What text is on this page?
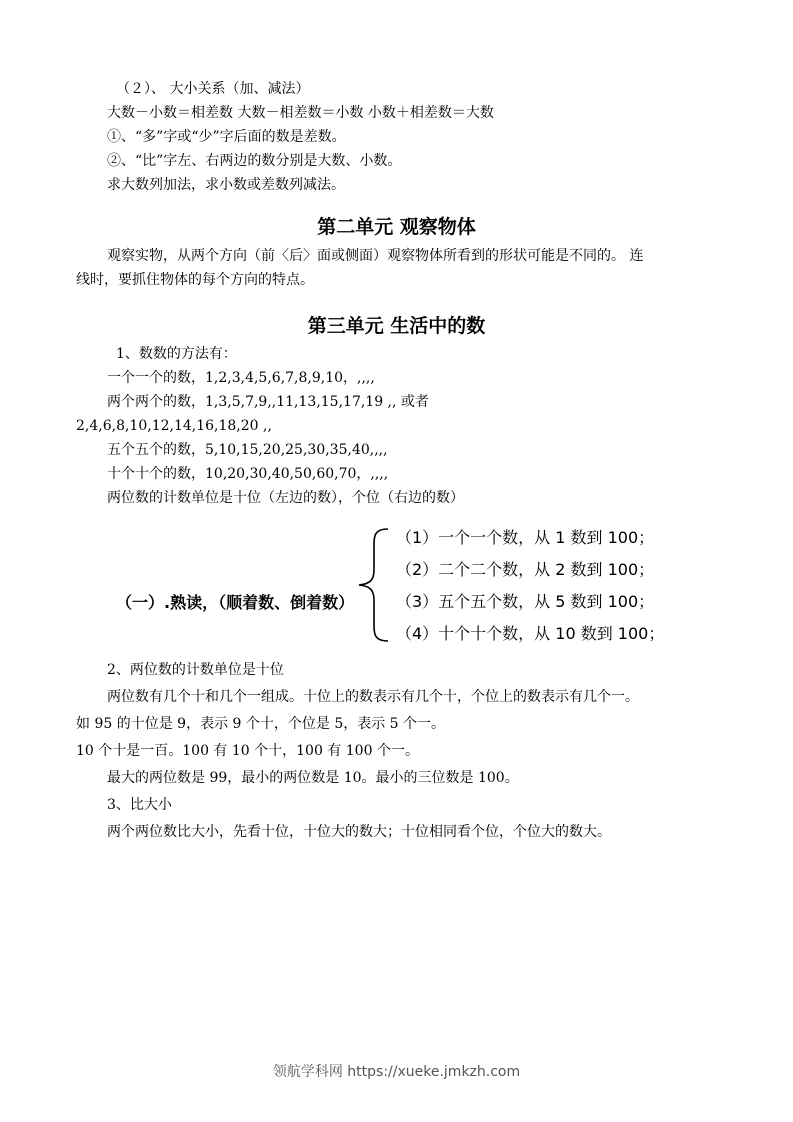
（２）、 大小关系（加、减法）
大数－小数＝相差数 大数－相差数＝小数 小数＋相差数＝大数
①、“多”字或“少”字后面的数是差数。
②、“比”字左、右两边的数分别是大数、小数。
求大数列加法，求小数或差数列减法。
第二单元 观察物体
观察实物，从两个方向（前〈后〉面或侧面）观察物体所看到的形状可能是不同的。 连
线时，要抓住物体的每个方向的特点。
第三单元 生活中的数
1、数数的方法有：
一个一个的数，1,2,3,4,5,6,7,8,9,10，,,,,
两个两个的数，1,3,5,7,9,,11,13,15,17,19 ,, 或者
2,4,6,8,10,12,14,16,18,20 ,,
五个五个的数，5,10,15,20,25,30,35,40,,,,
十个十个的数，10,20,30,40,50,60,70，,,,,
两位数的计数单位是十位（左边的数），个位（右边的数）
（一）.熟读，（顺着数、倒着数）
（1）一个一个数，从 1 数到 100；
（2）二个二个数，从 2 数到 100；
（3）五个五个数，从 5 数到 100；
（4）十个十个数，从 10 数到 100；
2、两位数的计数单位是十位
两位数有几个十和几个一组成。十位上的数表示有几个十，个位上的数表示有几个一。
如 95 的十位是 9，表示 9 个十，个位是 5，表示 5 个一。
10 个十是一百。100 有 10 个十，100 有 100 个一。
最大的两位数是 99，最小的两位数是 10。最小的三位数是 100。
3、比大小
两个两位数比大小，先看十位，十位大的数大；十位相同看个位，个位大的数大。
领航学科网 https://xueke.jmkzh.com
